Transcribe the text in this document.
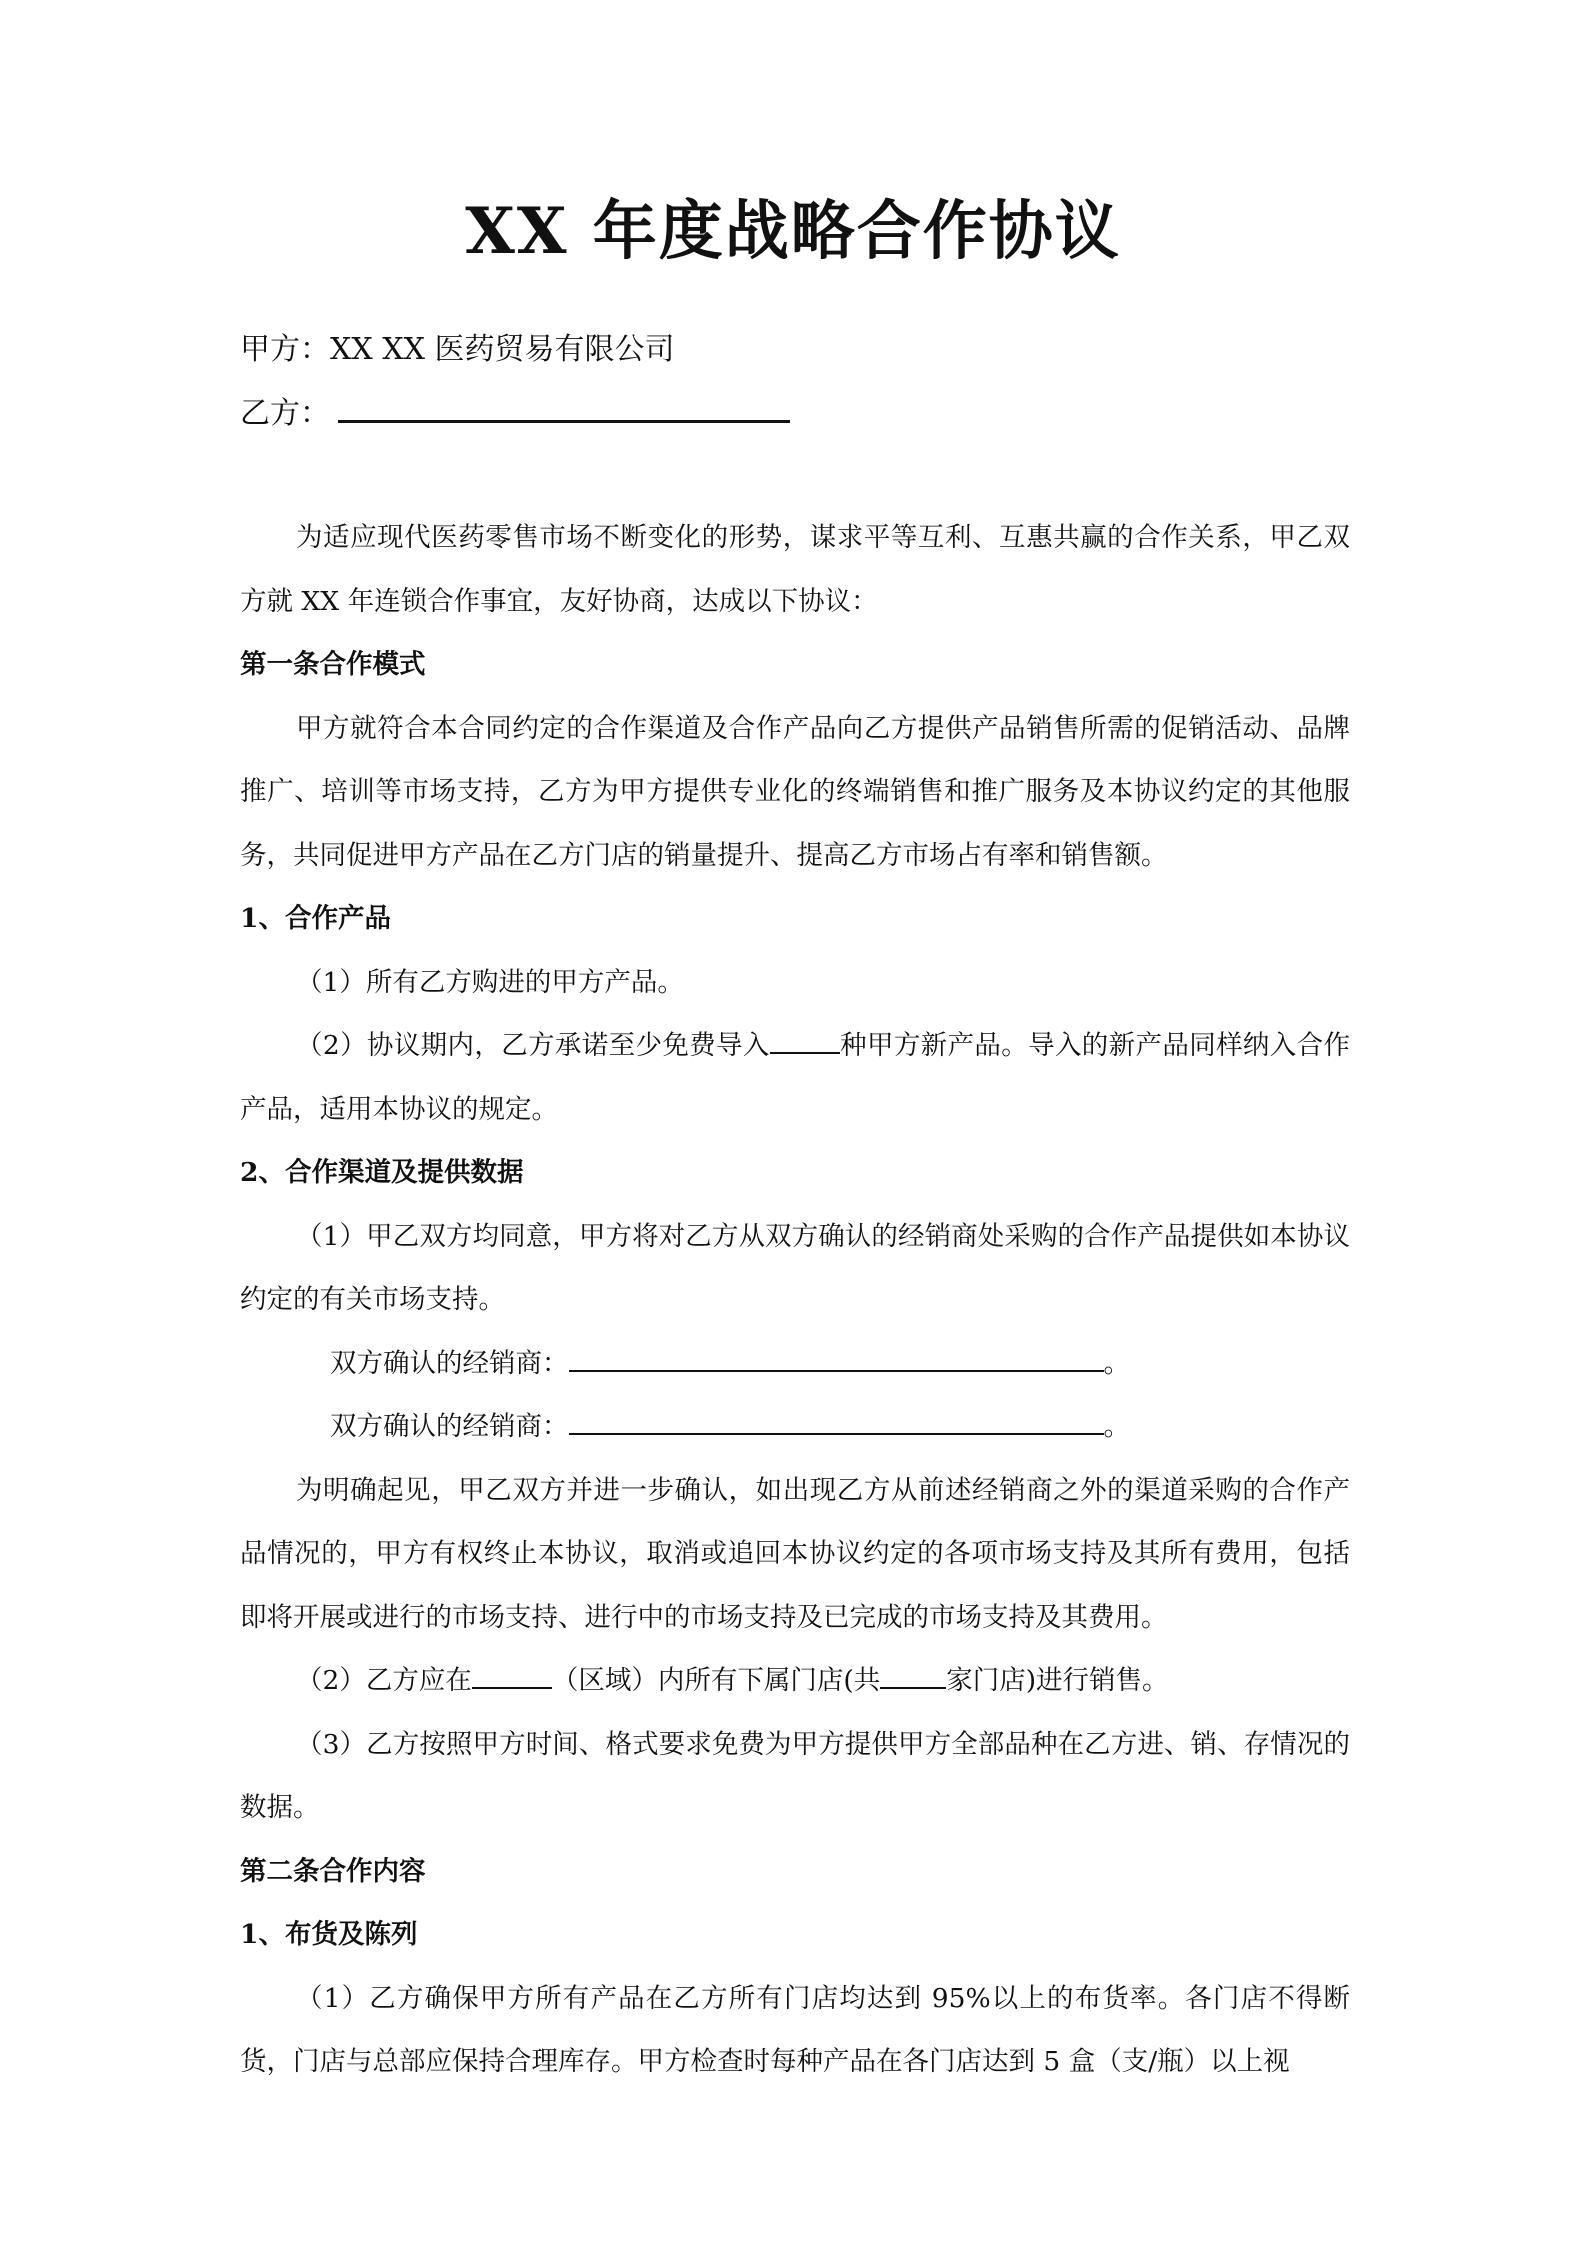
XX 年度战略合作协议
甲方：XX XX 医药贸易有限公司
乙方：

为适应现代医药零售市场不断变化的形势，谋求平等互利、互惠共赢的合作关系，甲乙双方就 XX 年连锁合作事宜，友好协商，达成以下协议：

第一条合作模式

甲方就符合本合同约定的合作渠道及合作产品向乙方提供产品销售所需的促销活动、品牌推广、培训等市场支持，乙方为甲方提供专业化的终端销售和推广服务及本协议约定的其他服务，共同促进甲方产品在乙方门店的销量提升、提高乙方市场占有率和销售额。

1、合作产品

（1）所有乙方购进的甲方产品。

（2）协议期内，乙方承诺至少免费导入	种甲方新产品。导入的新产品同样纳入合作产品，适用本协议的规定。

2、合作渠道及提供数据

（1）甲乙双方均同意，甲方将对乙方从双方确认的经销商处采购的合作产品提供如本协议约定的有关市场支持。

双方确认的经销商：	。

双方确认的经销商：	。

为明确起见，甲乙双方并进一步确认，如出现乙方从前述经销商之外的渠道采购的合作产品情况的，甲方有权终止本协议，取消或追回本协议约定的各项市场支持及其所有费用，包括即将开展或进行的市场支持、进行中的市场支持及已完成的市场支持及其费用。

（2）乙方应在	（区域）内所有下属门店(共 家门店)进行销售。

（3）乙方按照甲方时间、格式要求免费为甲方提供甲方全部品种在乙方进、销、存情况的数据。

第二条合作内容

1、布货及陈列

（1）乙方确保甲方所有产品在乙方所有门店均达到 95%以上的布货率。各门店不得断货，门店与总部应保持合理库存。甲方检查时每种产品在各门店达到 5 盒（支/瓶）以上视
